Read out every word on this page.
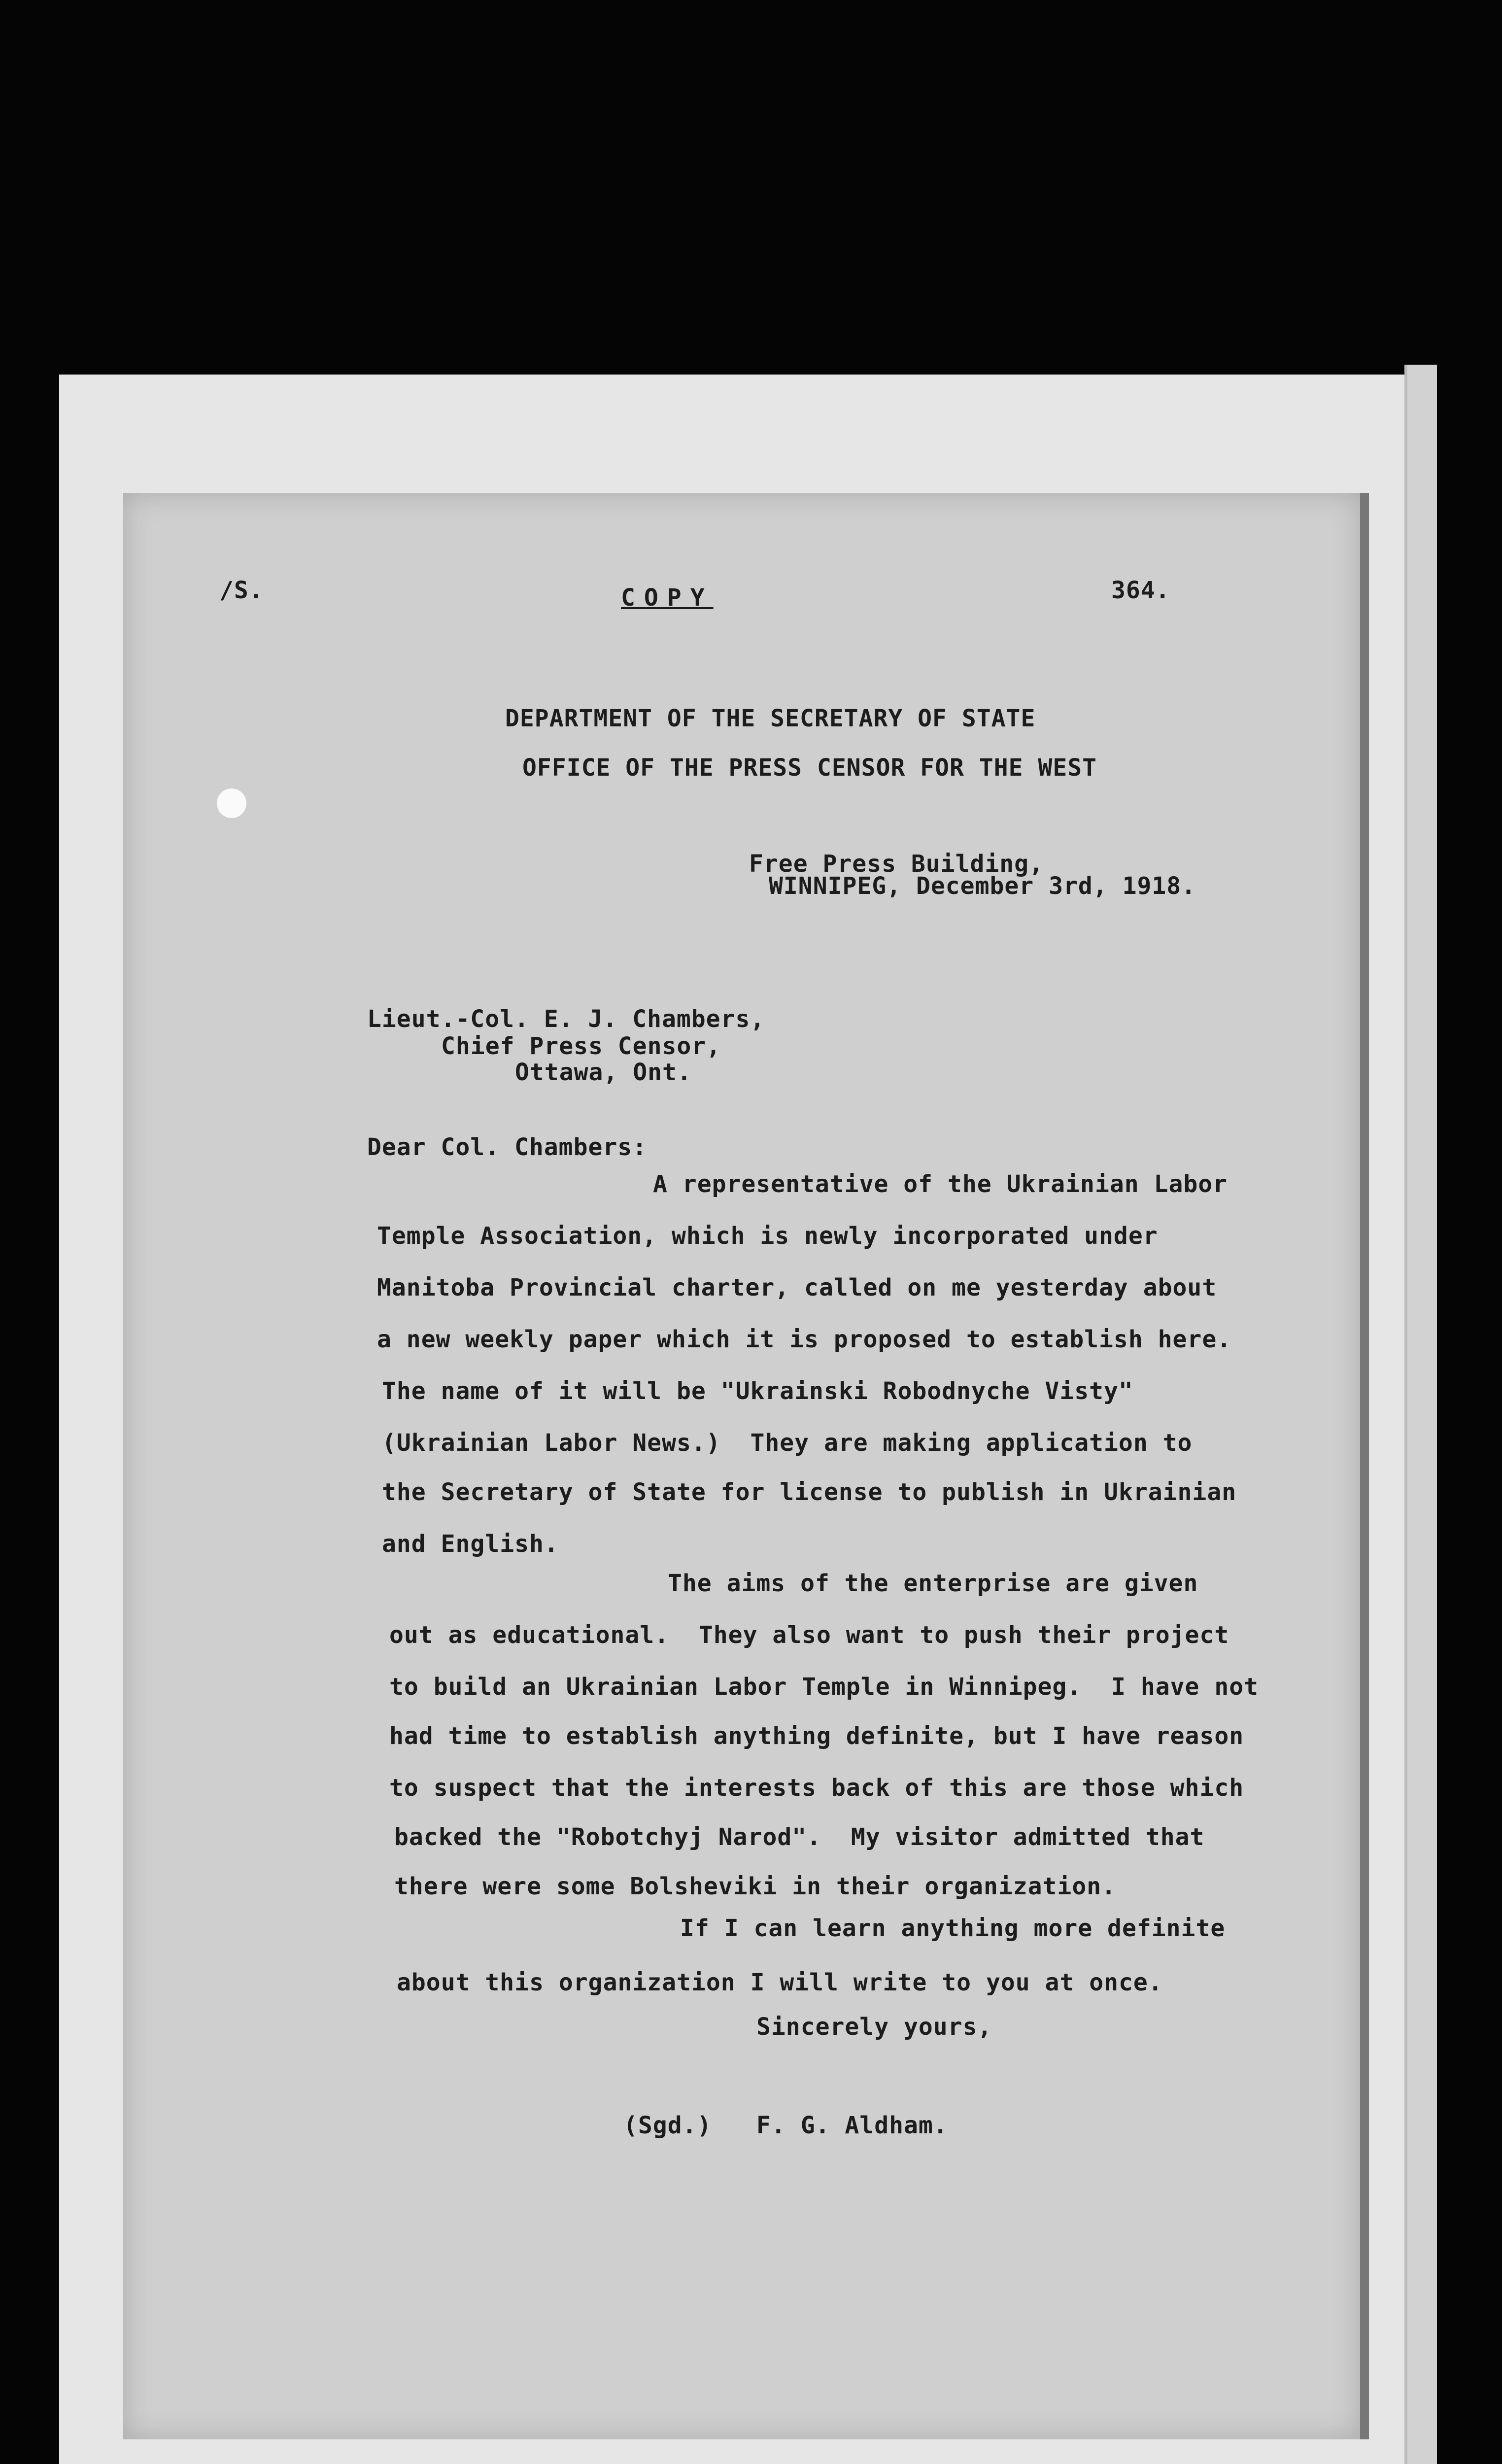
/S.	COPY	364.
DEPARTMENT OF THE SECRETARY OF STATE
OFFICE OF THE PRESS CENSOR FOR THE WEST
Free Press Building,
WINNIPEG, December 3rd, 1918.
Lieut.-Col. E. J. Chambers,
Chief Press Censor,
Ottawa, Ont.
Dear Col. Chambers:
A representative of the Ukrainian Labor
Temple Association, which is newly incorporated under
Manitoba Provincial charter, called on me yesterday about
a new weekly paper which it is proposed to establish here.
The name of it will be "Ukrainski Robodnyche Visty"
(Ukrainian Labor News.)  They are making application to
the Secretary of State for license to publish in Ukrainian
and English.
The aims of the enterprise are given
out as educational.  They also want to push their project
to build an Ukrainian Labor Temple in Winnipeg.  I have not
had time to establish anything definite, but I have reason
to suspect that the interests back of this are those which
backed the "Robotchyj Narod".  My visitor admitted that
there were some Bolsheviki in their organization.
If I can learn anything more definite
about this organization I will write to you at once.
Sincerely yours,
(Sgd.) F. G. Aldham.
